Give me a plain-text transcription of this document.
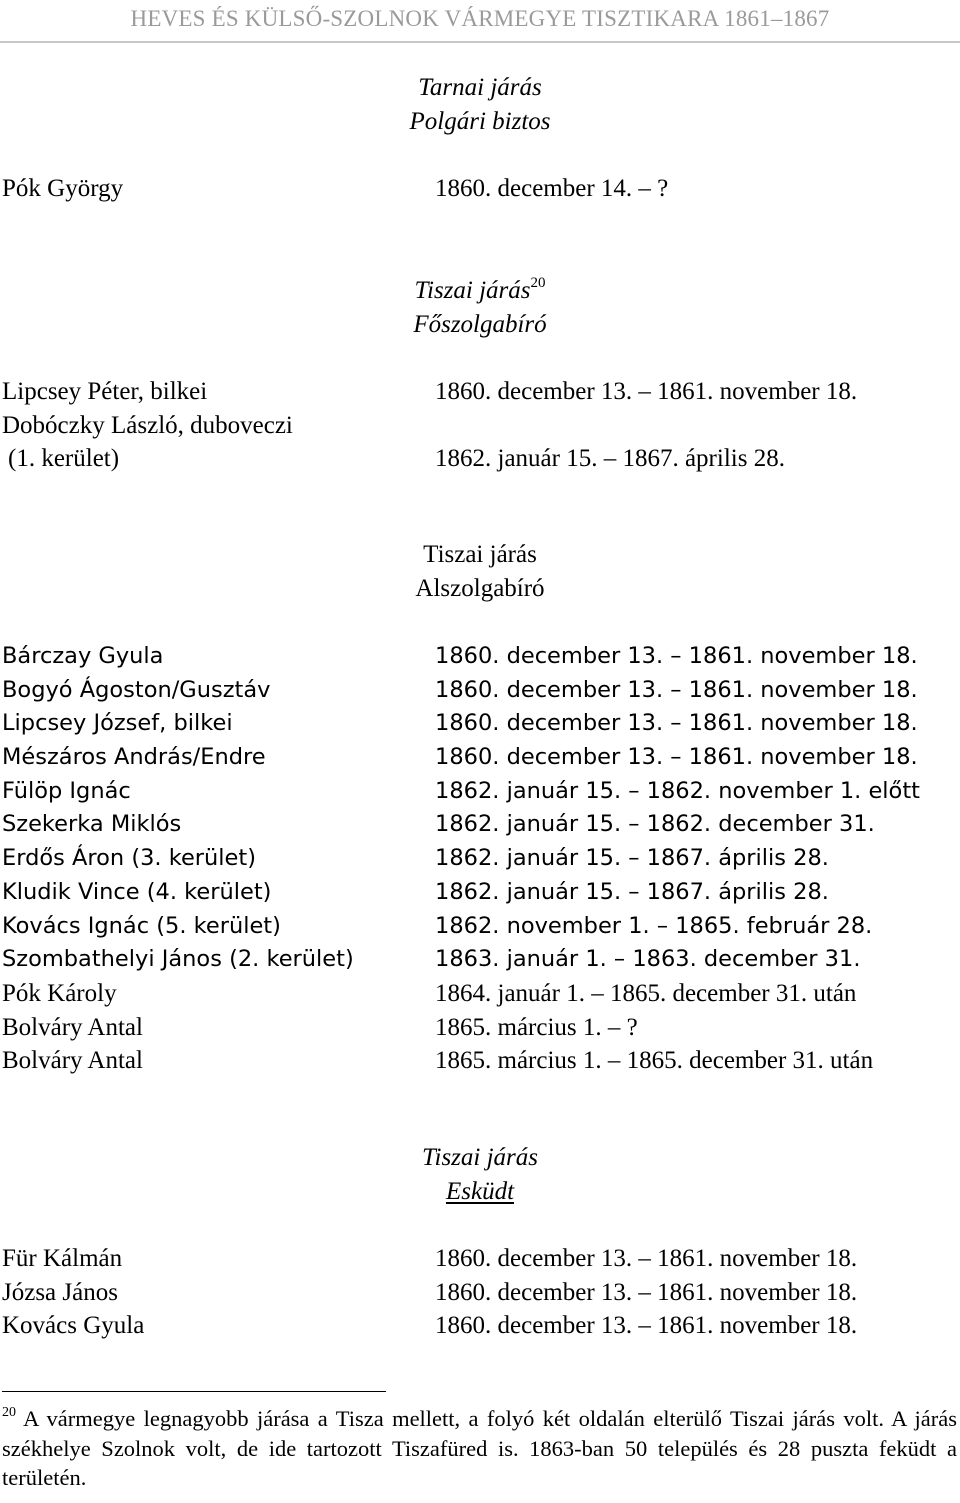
HEVES ÉS KÜLSŐ-SZOLNOK VÁRMEGYE TISZTIKARA 1861–1867

Tarnai járás

Polgári biztos

Pók György	1860. december 14. – ?

Tiszai járás$^{20}$

Főszolgabíró

Lipcsey Péter, bilkei	1860. december 13. – 1861. november 18.
Dobóczky László, duboveczi
(1. kerület)	1862. január 15. – 1867. április 28.

Tiszai járás

Alszolgabíró

Bárczay Gyula	1860. december 13. – 1861. november 18.
Bogyó Ágoston/Gusztáv	1860. december 13. – 1861. november 18.
Lipcsey József, bilkei	1860. december 13. – 1861. november 18.
Mészáros András/Endre	1860. december 13. – 1861. november 18.
Fülöp Ignác	1862. január 15. – 1862. november 1. előtt
Szekerka Miklós	1862. január 15. – 1862. december 31.
Erdős Áron (3. kerület)	1862. január 15. – 1867. április 28.
Kludik Vince (4. kerület)	1862. január 15. – 1867. április 28.
Kovács Ignác (5. kerület)	1862. november 1. – 1865. február 28.
Szombathelyi János (2. kerület)	1863. január 1. – 1863. december 31.
Pók Károly	1864. január 1. – 1865. december 31. után
Bolváry Antal	1865. március 1. – ?
Bolváry Antal	1865. március 1. – 1865. december 31. után

Tiszai járás

Esküdt

Für Kálmán	1860. december 13. – 1861. november 18.
Józsa János	1860. december 13. – 1861. november 18.
Kovács Gyula	1860. december 13. – 1861. november 18.

$^{20}$ A vármegye legnagyobb járása a Tisza mellett, a folyó két oldalán elterülő Tiszai járás volt. A járás székhelye Szolnok volt, de ide tartozott Tiszafüred is. 1863-ban 50 település és 28 puszta feküdt a területén.
